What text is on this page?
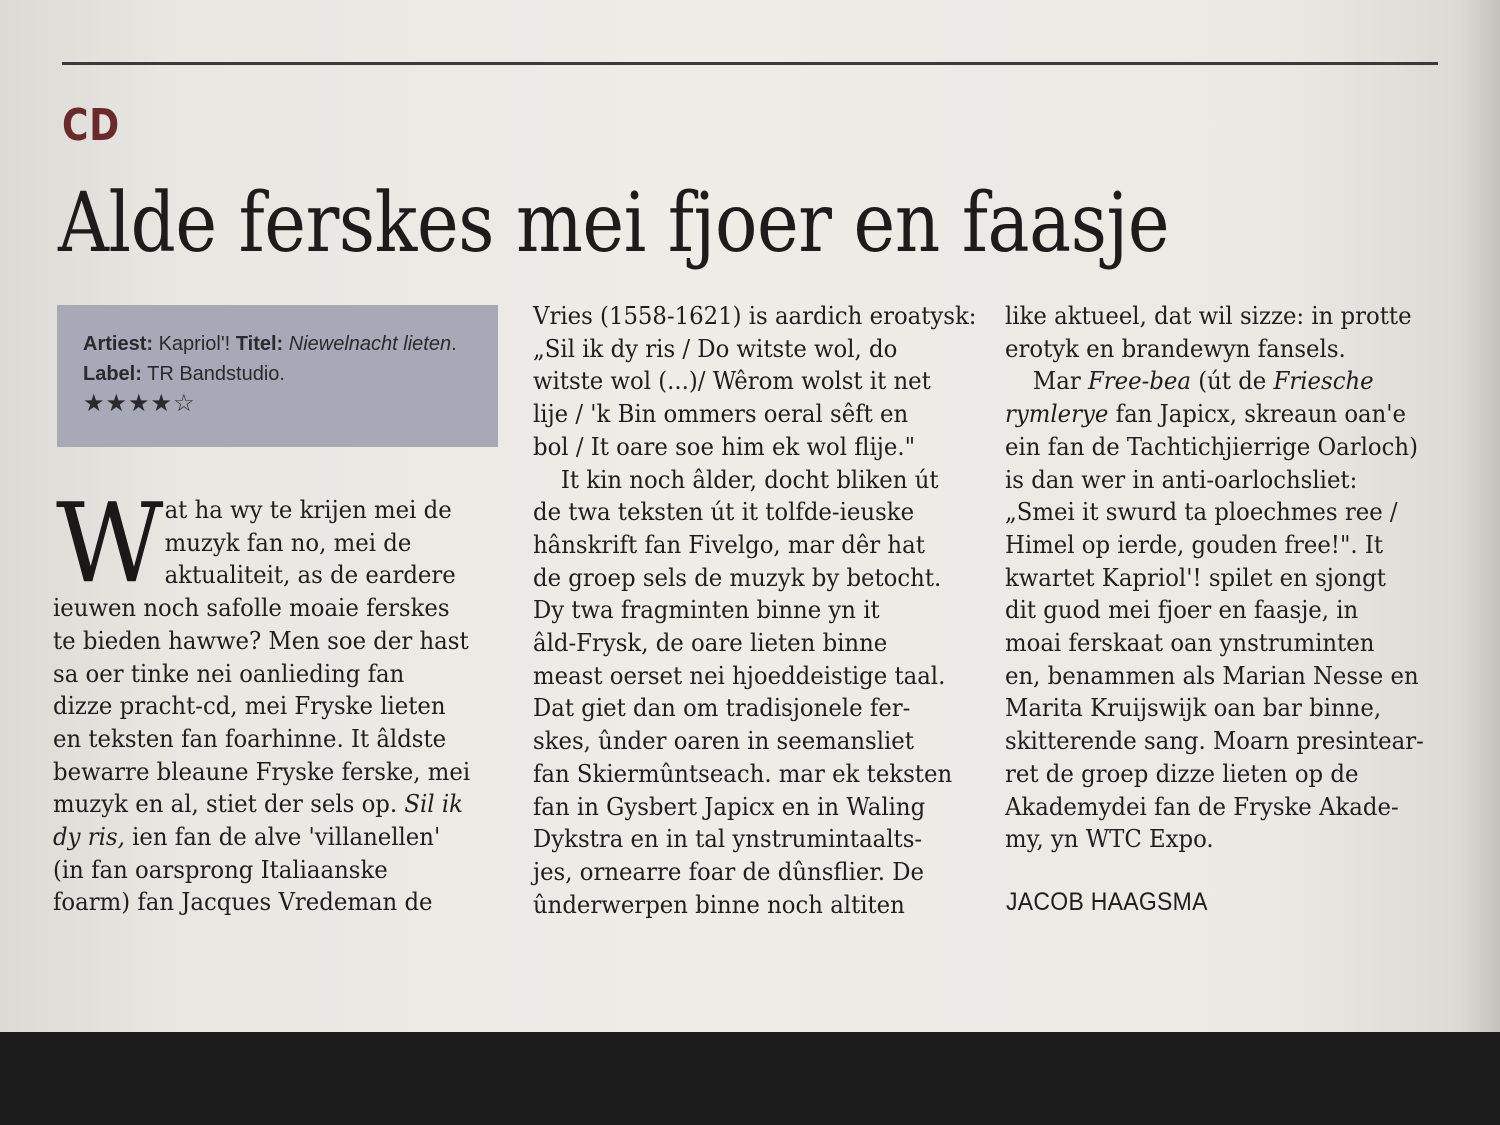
CD
Alde ferskes mei fjoer en faasje
Artiest: Kapriol'! Titel: Niewelnacht lieten. Label: TR Bandstudio.
★★★★☆
W at ha wy te krijen mei de
muzyk fan no, mei de
aktualiteit, as de eardere
ieuwen noch safolle moaie ferskes
te bieden hawwe? Men soe der hast
sa oer tinke nei oanlieding fan
dizze pracht-cd, mei Fryske lieten
en teksten fan foarhinne. It âldste
bewarre bleaune Fryske ferske, mei
muzyk en al, stiet der sels op. Sil ik
dy ris, ien fan de alve 'villanellen'
(in fan oarsprong Italiaanske
foarm) fan Jacques Vredeman de
Vries (1558-1621) is aardich eroatysk:
„Sil ik dy ris / Do witste wol, do
witste wol (...)/ Wêrom wolst it net
lije / 'k Bin ommers oeral sêft en
bol / It oare soe him ek wol flije."
It kin noch âlder, docht bliken út
de twa teksten út it tolfde-ieuske
hânskrift fan Fivelgo, mar dêr hat
de groep sels de muzyk by betocht.
Dy twa fragminten binne yn it
âld-Frysk, de oare lieten binne
meast oerset nei hjoeddeistige taal.
Dat giet dan om tradisjonele fer-
skes, ûnder oaren in seemansliet
fan Skiermûntseach. mar ek teksten
fan in Gysbert Japicx en in Waling
Dykstra en in tal ynstrumintaalts-
jes, ornearre foar de dûnsflier. De
ûnderwerpen binne noch altiten
like aktueel, dat wil sizze: in protte
erotyk en brandewyn fansels.
Mar Free-bea (út de Friesche
rymlerye fan Japicx, skreaun oan'e
ein fan de Tachtichjierrige Oarloch)
is dan wer in anti-oarlochsliet:
„Smei it swurd ta ploechmes ree /
Himel op ierde, gouden free!". It
kwartet Kapriol'! spilet en sjongt
dit guod mei fjoer en faasje, in
moai ferskaat oan ynstruminten
en, benammen als Marian Nesse en
Marita Kruijswijk oan bar binne,
skitterende sang. Moarn presintear-
ret de groep dizze lieten op de
Akademydei fan de Fryske Akade-
my, yn WTC Expo.
JACOB HAAGSMA
